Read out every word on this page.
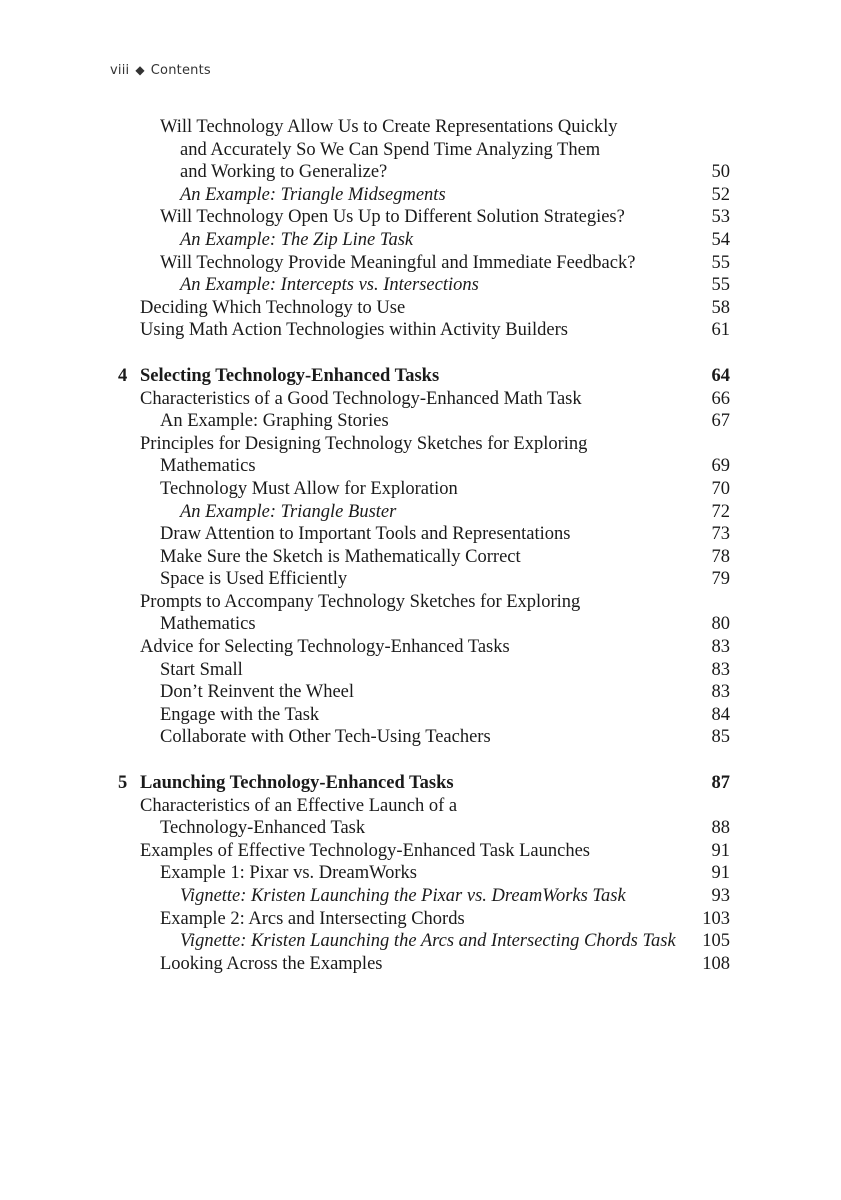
viii ◆ Contents
Will Technology Allow Us to Create Representations Quickly
and Accurately So We Can Spend Time Analyzing Them
and Working to Generalize?	50
An Example: Triangle Midsegments	52
Will Technology Open Us Up to Different Solution Strategies?	53
An Example: The Zip Line Task	54
Will Technology Provide Meaningful and Immediate Feedback?	55
An Example: Intercepts vs. Intersections	55
Deciding Which Technology to Use	58
Using Math Action Technologies within Activity Builders	61
4 Selecting Technology-Enhanced Tasks	64
Characteristics of a Good Technology-Enhanced Math Task	66
An Example: Graphing Stories	67
Principles for Designing Technology Sketches for Exploring
Mathematics	69
Technology Must Allow for Exploration	70
An Example: Triangle Buster	72
Draw Attention to Important Tools and Representations	73
Make Sure the Sketch is Mathematically Correct	78
Space is Used Efficiently	79
Prompts to Accompany Technology Sketches for Exploring
Mathematics	80
Advice for Selecting Technology-Enhanced Tasks	83
Start Small	83
Don’t Reinvent the Wheel	83
Engage with the Task	84
Collaborate with Other Tech-Using Teachers	85
5 Launching Technology-Enhanced Tasks	87
Characteristics of an Effective Launch of a
Technology-Enhanced Task	88
Examples of Effective Technology-Enhanced Task Launches	91
Example 1: Pixar vs. DreamWorks	91
Vignette: Kristen Launching the Pixar vs. DreamWorks Task	93
Example 2: Arcs and Intersecting Chords	103
Vignette: Kristen Launching the Arcs and Intersecting Chords Task	105
Looking Across the Examples	108
